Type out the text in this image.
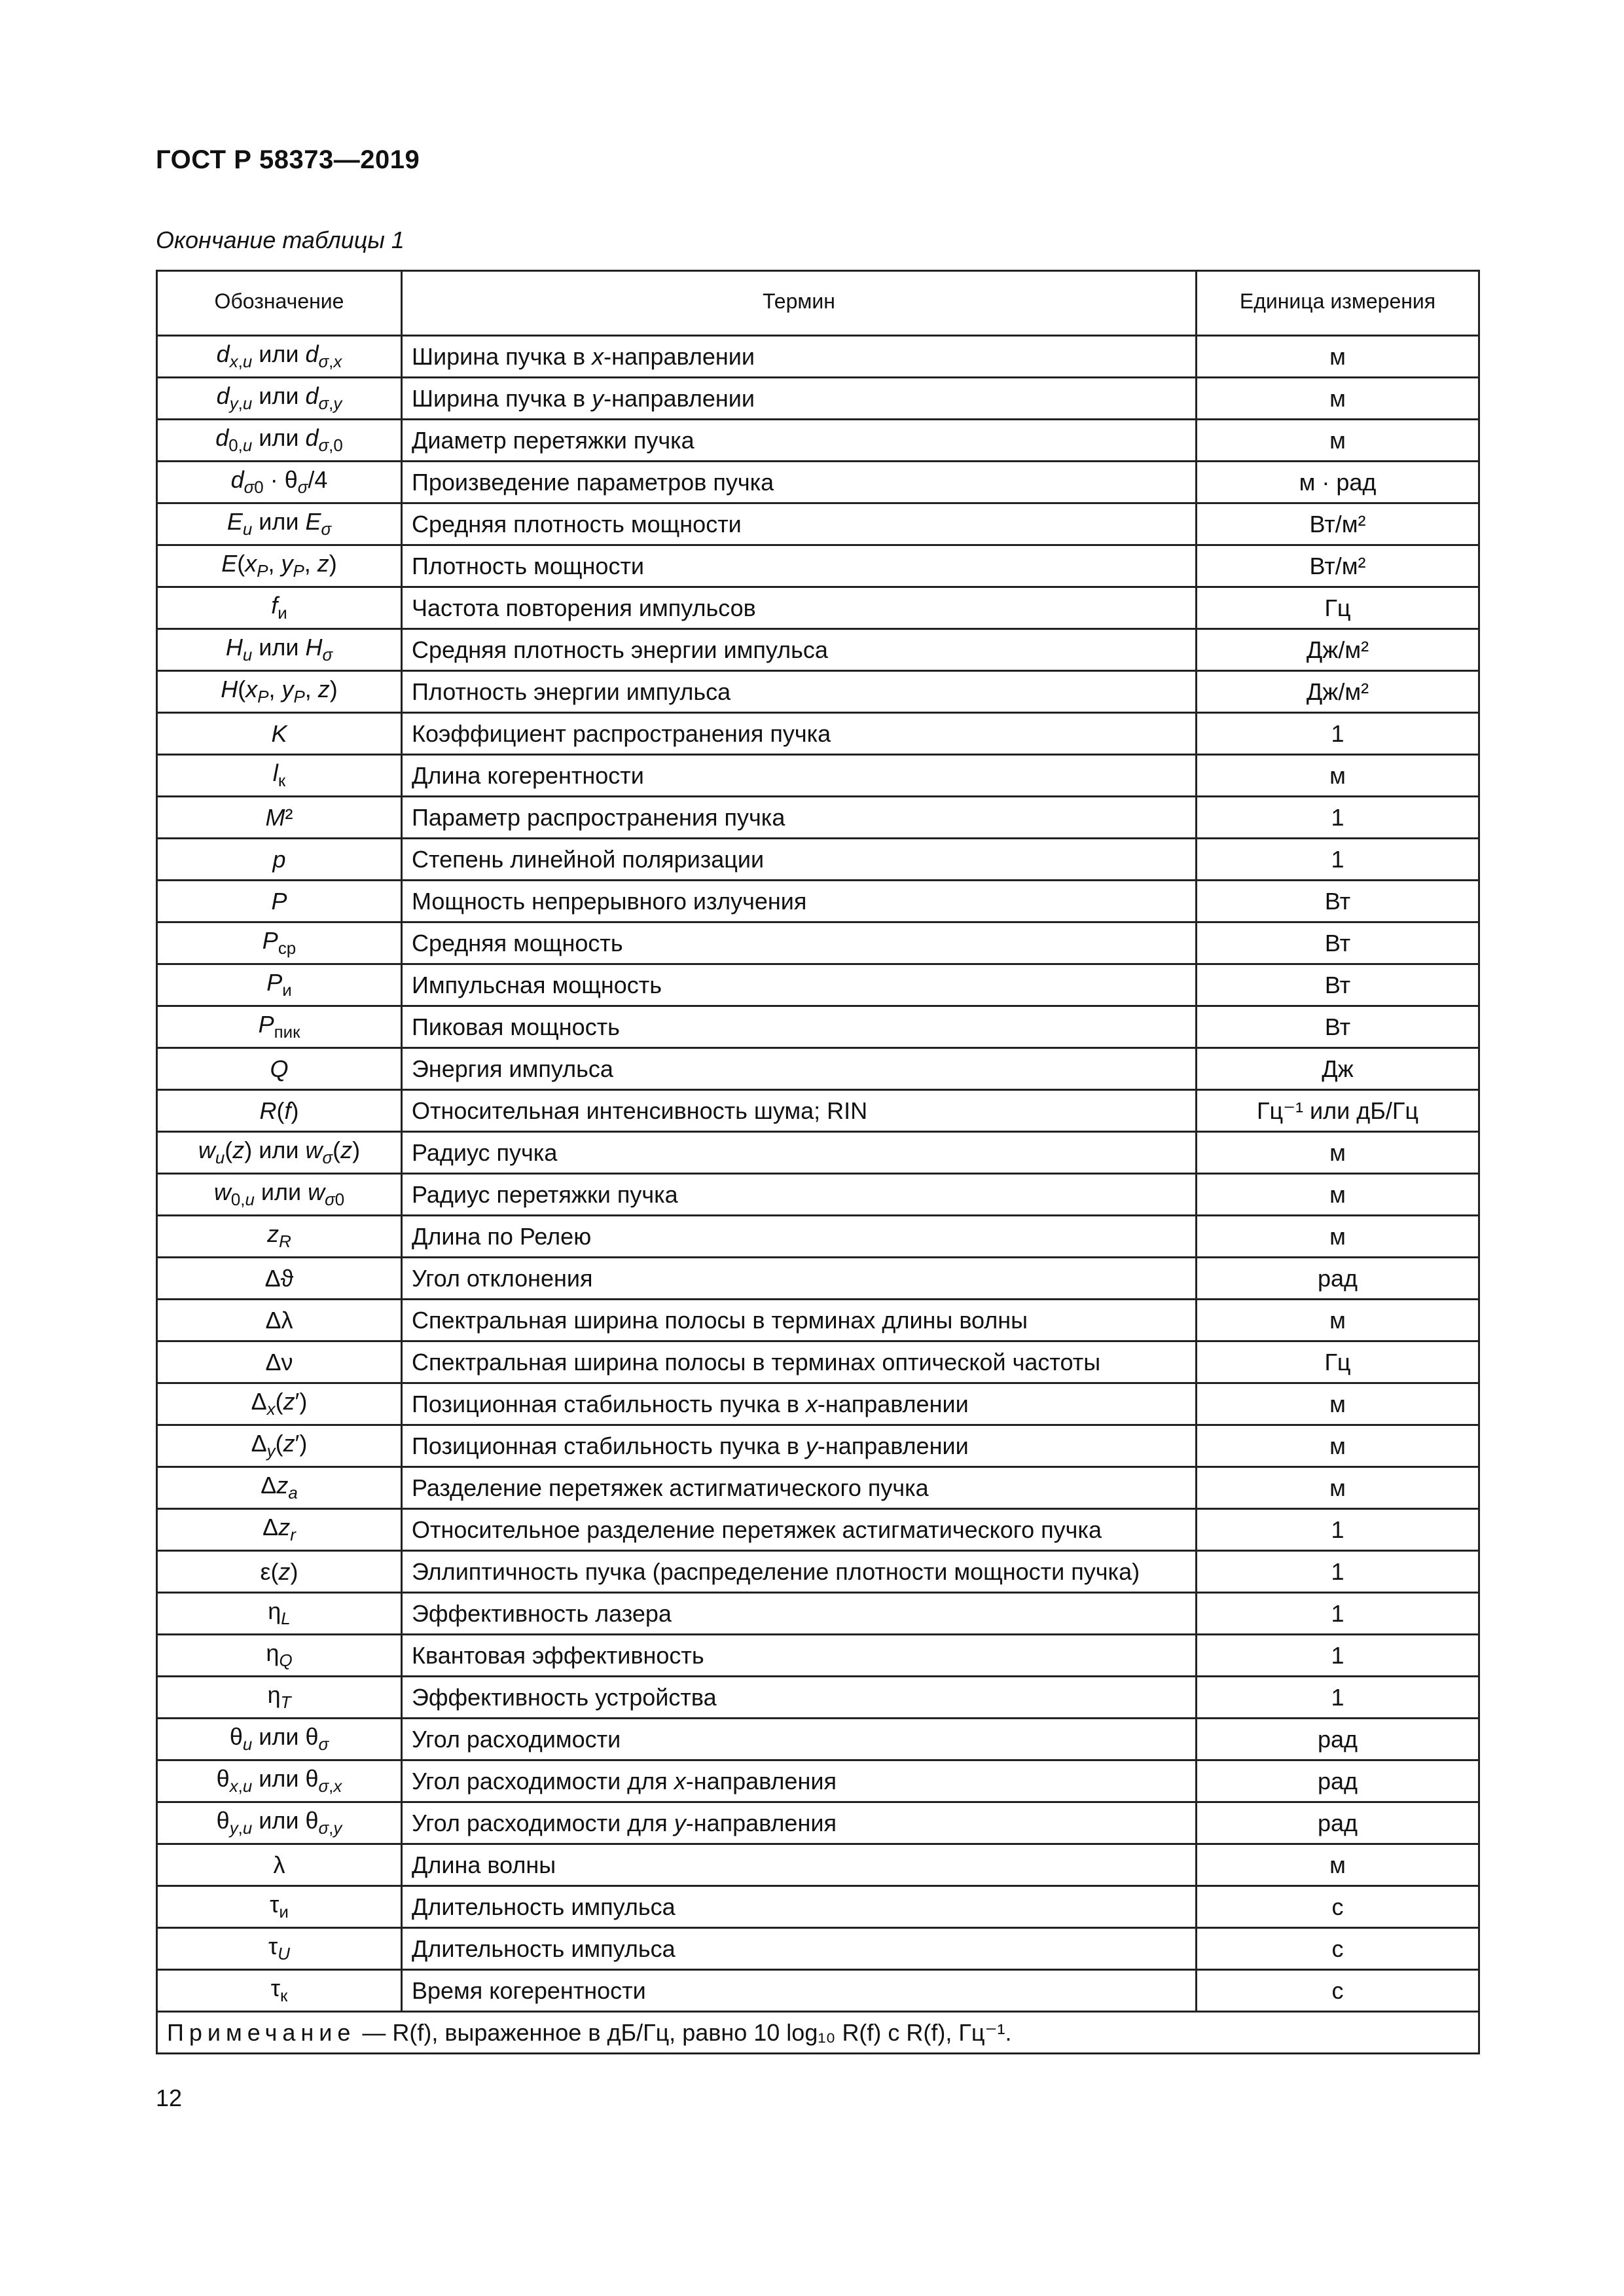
ГОСТ Р 58373—2019
Окончание таблицы 1
Обозначение	Термин	Единица измерения

$d_{x,u}$ или $d_{\sigma,x}$	Ширина пучка в x-направлении	м
$d_{y,u}$ или $d_{\sigma,y}$	Ширина пучка в y-направлении	м
$d_{0,u}$ или $d_{\sigma,0}$	Диаметр перетяжки пучка	м
$d_{\sigma 0} \cdot \theta_\sigma/4$	Произведение параметров пучка	м · рад
$E_u$ или $E_\sigma$	Средняя плотность мощности	Вт/м²
$E(x_P$, $y_P$, z)	Плотность мощности	Вт/м²
$f_и$	Частота повторения импульсов	Гц
$H_u$ или $H_\sigma$	Средняя плотность энергии импульса	Дж/м²
$H(x_P$, $y_P$, z)	Плотность энергии импульса	Дж/м²
K	Коэффициент распространения пучка	1
$l_к$	Длина когерентности	м
M²	Параметр распространения пучка	1
p	Степень линейной поляризации	1
P	Мощность непрерывного излучения	Вт
$P_{ср}$	Средняя мощность	Вт
$P_и$	Импульсная мощность	Вт
$P_{пик}$	Пиковая мощность	Вт
Q	Энергия импульса	Дж
R(f)	Относительная интенсивность шума; RIN	Гц⁻¹ или дБ/Гц
$w_u(z)$ или $w_\sigma(z)$	Радиус пучка	м
$w_{0,u}$ или $w_{\sigma 0}$	Радиус перетяжки пучка	м
$z_R$	Длина по Релею	м
Δϑ	Угол отклонения	рад
Δλ	Спектральная ширина полосы в терминах длины волны	м
Δν	Спектральная ширина полосы в терминах оптической частоты	Гц
$\Delta_x(z')$	Позиционная стабильность пучка в x-направлении	м
$\Delta_y(z')$	Позиционная стабильность пучка в y-направлении	м
$\Delta z_a$	Разделение перетяжек астигматического пучка	м
$\Delta z_r$	Относительное разделение перетяжек астигматического пучка	1
ε(z)	Эллиптичность пучка (распределение плотности мощности пучка)	1
$\eta_L$	Эффективность лазера	1
$\eta_Q$	Квантовая эффективность	1
$\eta_T$	Эффективность устройства	1
$\theta_u$ или $\theta_\sigma$	Угол расходимости	рад
$\theta_{x,u}$ или $\theta_{\sigma,x}$	Угол расходимости для x-направления	рад
$\theta_{y,u}$ или $\theta_{\sigma,y}$	Угол расходимости для y-направления	рад
λ	Длина волны	м
$\tau_и$	Длительность импульса	с
$\tau_U$	Длительность импульса	с
$\tau_к$	Время когерентности	с
Примечание — R(f), выраженное в дБ/Гц, равно 10 log₁₀ R(f) с R(f), Гц⁻¹.		
12
